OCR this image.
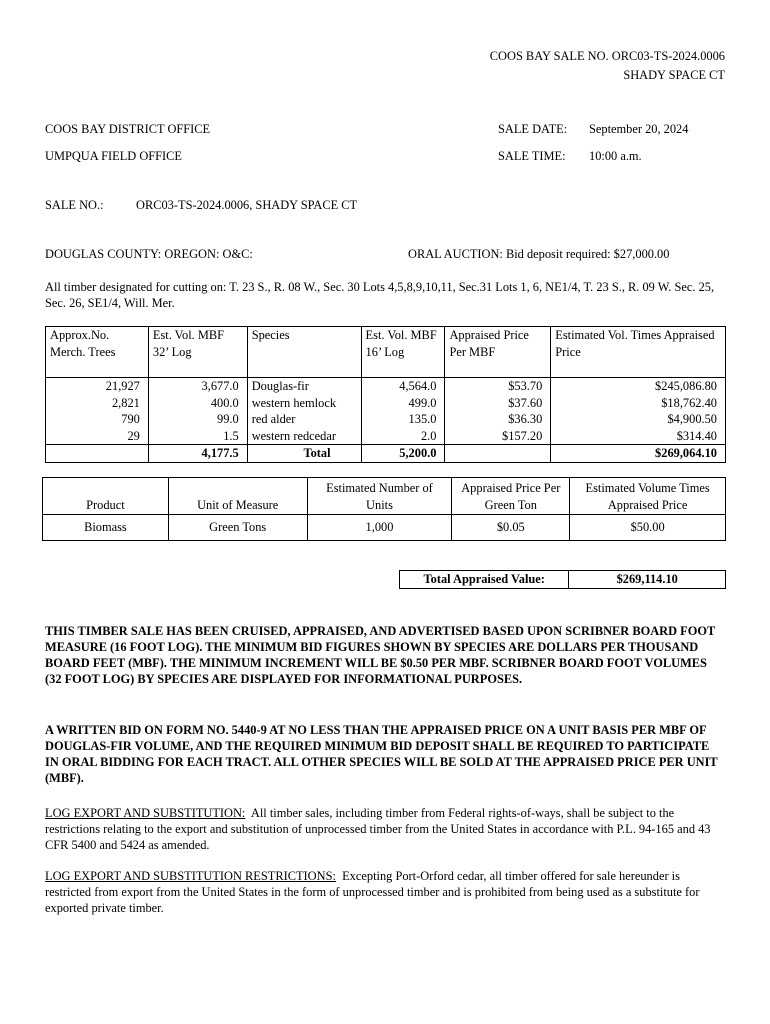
COOS BAY SALE NO. ORC03-TS-2024.0006
SHADY SPACE CT
COOS BAY DISTRICT OFFICE
UMPQUA FIELD OFFICE
SALE DATE: September 20, 2024
SALE TIME: 10:00 a.m.
SALE NO.:	ORC03-TS-2024.0006, SHADY SPACE CT
DOUGLAS COUNTY: OREGON: O&C:	ORAL AUCTION: Bid deposit required: $27,000.00
All timber designated for cutting on: T. 23 S., R. 08 W., Sec. 30 Lots 4,5,8,9,10,11, Sec.31 Lots 1, 6, NE1/4, T. 23 S., R. 09 W. Sec. 25, Sec. 26, SE1/4, Will. Mer.
Approx.No. Merch. Trees	Est. Vol. MBF 32’ Log	Species	Est. Vol. MBF 16’ Log	Appraised Price Per MBF	Estimated Vol. Times Appraised Price
21,927	3,677.0	Douglas-fir	4,564.0	$53.70	$245,086.80
2,821	400.0	western hemlock	499.0	$37.60	$18,762.40
790	99.0	red alder	135.0	$36.30	$4,900.50
29	1.5	western redcedar	2.0	$157.20	$314.40
	4,177.5	Total	5,200.0		$269,064.10
Product	Unit of Measure	Estimated Number of Units	Appraised Price Per Green Ton	Estimated Volume Times Appraised Price
Biomass	Green Tons	1,000	$0.05	$50.00
Total Appraised Value:	$269,114.10
THIS TIMBER SALE HAS BEEN CRUISED, APPRAISED, AND ADVERTISED BASED UPON SCRIBNER BOARD FOOT MEASURE (16 FOOT LOG). THE MINIMUM BID FIGURES SHOWN BY SPECIES ARE DOLLARS PER THOUSAND BOARD FEET (MBF). THE MINIMUM INCREMENT WILL BE $0.50 PER MBF. SCRIBNER BOARD FOOT VOLUMES (32 FOOT LOG) BY SPECIES ARE DISPLAYED FOR INFORMATIONAL PURPOSES.
A WRITTEN BID ON FORM NO. 5440-9 AT NO LESS THAN THE APPRAISED PRICE ON A UNIT BASIS PER MBF OF DOUGLAS-FIR VOLUME, AND THE REQUIRED MINIMUM BID DEPOSIT SHALL BE REQUIRED TO PARTICIPATE IN ORAL BIDDING FOR EACH TRACT. ALL OTHER SPECIES WILL BE SOLD AT THE APPRAISED PRICE PER UNIT (MBF).
LOG EXPORT AND SUBSTITUTION:  All timber sales, including timber from Federal rights-of-ways, shall be subject to the restrictions relating to the export and substitution of unprocessed timber from the United States in accordance with P.L. 94-165 and 43 CFR 5400 and 5424 as amended.
LOG EXPORT AND SUBSTITUTION RESTRICTIONS:  Excepting Port-Orford cedar, all timber offered for sale hereunder is restricted from export from the United States in the form of unprocessed timber and is prohibited from being used as a substitute for exported private timber.
